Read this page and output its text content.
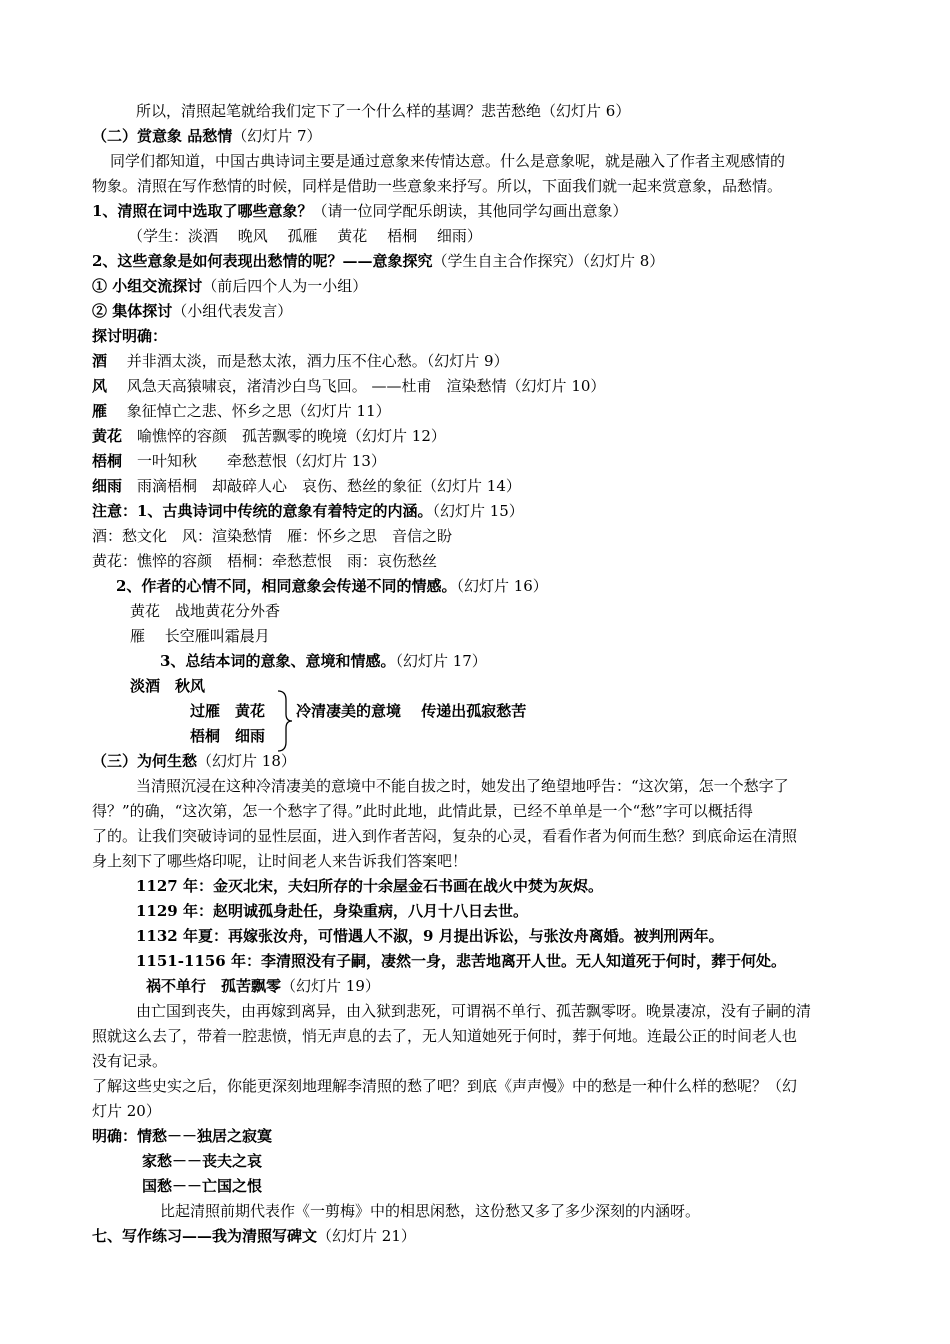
所以，清照起笔就给我们定下了一个什么样的基调？悲苦愁绝（幻灯片 6）
（二）赏意象 品愁情（幻灯片 7）
同学们都知道，中国古典诗词主要是通过意象来传情达意。什么是意象呢，就是融入了作者主观感情的
物象。清照在写作愁情的时候，同样是借助一些意象来抒写。所以，下面我们就一起来赏意象，品愁情。
1、清照在词中选取了哪些意象？（请一位同学配乐朗读，其他同学勾画出意象）
（学生：淡酒　 晚风　 孤雁　 黄花　 梧桐　 细雨）
2、这些意象是如何表现出愁情的呢？——意象探究（学生自主合作探究）（幻灯片 8）
① 小组交流探讨（前后四个人为一小组）
② 集体探讨（小组代表发言）
探讨明确：
酒　 并非酒太淡，而是愁太浓，酒力压不住心愁。（幻灯片 9）
风　 风急天高猿啸哀，渚清沙白鸟飞回。 ——杜甫　渲染愁情（幻灯片 10）
雁　 象征悼亡之悲、怀乡之思（幻灯片 11）
黄花　喻憔悴的容颜　孤苦飘零的晚境（幻灯片 12）
梧桐　一叶知秋　　牵愁惹恨（幻灯片 13）
细雨　雨滴梧桐　却敲碎人心　哀伤、愁丝的象征（幻灯片 14）
注意：1、古典诗词中传统的意象有着特定的内涵。（幻灯片 15）
酒：愁文化　风：渲染愁情　雁：怀乡之思　音信之盼
黄花：憔悴的容颜　梧桐：牵愁惹恨　雨：哀伤愁丝
2、作者的心情不同，相同意象会传递不同的情感。（幻灯片 16）
黄花　战地黄花分外香
雁　 长空雁叫霜晨月
3、总结本词的意象、意境和情感。（幻灯片 17）
淡酒　秋风
过雁　黄花 冷清凄美的意境　 传递出孤寂愁苦
梧桐　细雨
（三）为何生愁（幻灯片 18）
当清照沉浸在这种冷清凄美的意境中不能自拔之时，她发出了绝望地呼告：“这次第，怎一个愁字了
得？”的确，“这次第，怎一个愁字了得。”此时此地，此情此景，已经不单单是一个“愁”字可以概括得
了的。让我们突破诗词的显性层面，进入到作者苦闷，复杂的心灵，看看作者为何而生愁？到底命运在清照
身上刻下了哪些烙印呢，让时间老人来告诉我们答案吧！
1127 年：金灭北宋，夫妇所存的十余屋金石书画在战火中焚为灰烬。
1129 年：赵明诚孤身赴任，身染重病，八月十八日去世。
1132 年夏：再嫁张汝舟，可惜遇人不淑，9 月提出诉讼，与张汝舟离婚。被判刑两年。
1151-1156 年：李清照没有子嗣，凄然一身，悲苦地离开人世。无人知道死于何时，葬于何处。
祸不单行　孤苦飘零（幻灯片 19）
由亡国到丧失，由再嫁到离异，由入狱到悲死，可谓祸不单行、孤苦飘零呀。晚景凄凉，没有子嗣的清
照就这么去了，带着一腔悲愤，悄无声息的去了，无人知道她死于何时，葬于何地。连最公正的时间老人也
没有记录。
了解这些史实之后，你能更深刻地理解李清照的愁了吧？到底《声声慢》中的愁是一种什么样的愁呢？（幻
灯片 20）
明确：情愁－－独居之寂寞
家愁－－丧夫之哀
国愁－－亡国之恨
比起清照前期代表作《一剪梅》中的相思闲愁，这份愁又多了多少深刻的内涵呀。
七、写作练习——我为清照写碑文（幻灯片 21）
